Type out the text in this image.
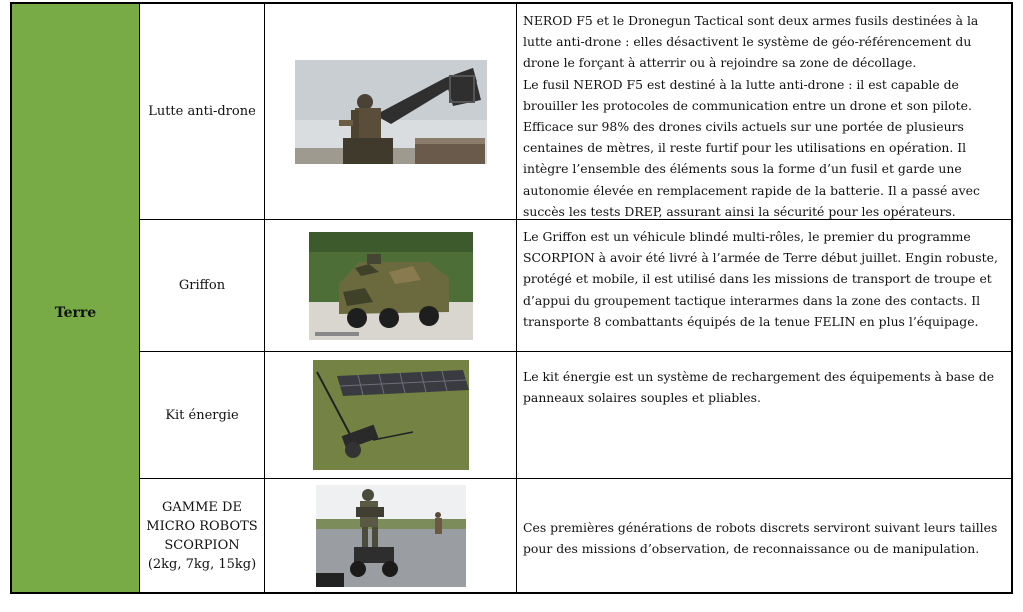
Terre
Lutte anti-drone

NEROD F5 et le Dronegun Tactical sont deux armes fusils destinées à la lutte anti-drone : elles désactivent le système de géo-référencement du drone le forçant à atterrir ou à rejoindre sa zone de décollage.

Le fusil NEROD F5 est destiné à la lutte anti-drone : il est capable de brouiller les protocoles de communication entre un drone et son pilote. Efficace sur 98% des drones civils actuels sur une portée de plusieurs centaines de mètres, il reste furtif pour les utilisations en opération. Il intègre l’ensemble des éléments sous la forme d’un fusil et garde une autonomie élevée en remplacement rapide de la batterie. Il a passé avec succès les tests DREP, assurant ainsi la sécurité pour les opérateurs.

Griffon

Le Griffon est un véhicule blindé multi-rôles, le premier du programme SCORPION à avoir été livré à l’armée de Terre début juillet. Engin robuste, protégé et mobile, il est utilisé dans les missions de transport de troupe et d’appui du groupement tactique interarmes dans la zone des contacts. Il transporte 8 combattants équipés de la tenue FELIN en plus l’équipage.

Kit énergie

Le kit énergie est un système de rechargement des équipements à base de panneaux solaires souples et pliables.

GAMME DE MICRO ROBOTS SCORPION (2kg, 7kg, 15kg)

Ces premières générations de robots discrets serviront suivant leurs tailles pour des missions d’observation, de reconnaissance ou de manipulation.
